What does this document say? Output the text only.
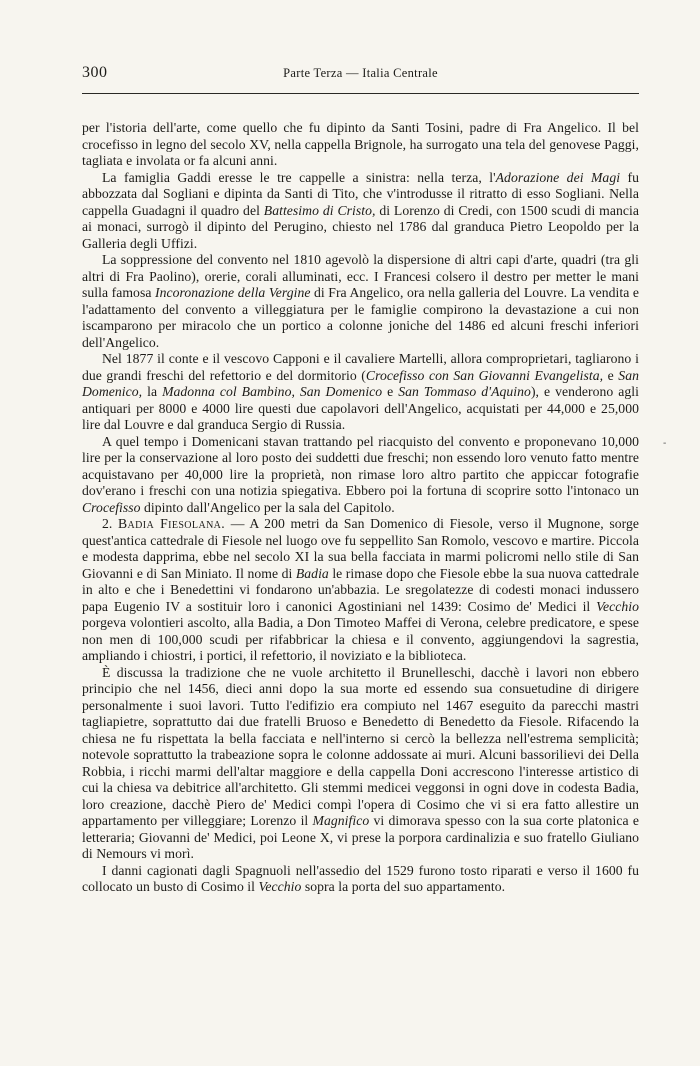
300	Parte Terza — Italia Centrale

per l'istoria dell'arte, come quello che fu dipinto da Santi Tosini, padre di Fra Angelico. Il bel crocefisso in legno del secolo XV, nella cappella Brignole, ha surrogato una tela del genovese Paggi, tagliata e involata or fa alcuni anni.

La famiglia Gaddi eresse le tre cappelle a sinistra: nella terza, l'Adorazione dei Magi fu abbozzata dal Sogliani e dipinta da Santi di Tito, che v'introdusse il ritratto di esso Sogliani. Nella cappella Guadagni il quadro del Battesimo di Cristo, di Lorenzo di Credi, con 1500 scudi di mancia ai monaci, surrogò il dipinto del Perugino, chiesto nel 1786 dal granduca Pietro Leopoldo per la Galleria degli Uffizi.

La soppressione del convento nel 1810 agevolò la dispersione di altri capi d'arte, quadri (tra gli altri di Fra Paolino), orerie, corali alluminati, ecc. I Francesi colsero il destro per metter le mani sulla famosa Incoronazione della Vergine di Fra Angelico, ora nella galleria del Louvre. La vendita e l'adattamento del convento a villeggiatura per le famiglie compirono la devastazione a cui non iscamparono per miracolo che un portico a colonne joniche del 1486 ed alcuni freschi inferiori dell'Angelico.

Nel 1877 il conte e il vescovo Capponi e il cavaliere Martelli, allora comproprietari, tagliarono i due grandi freschi del refettorio e del dormitorio (Crocefisso con San Giovanni Evangelista, e San Domenico, la Madonna col Bambino, San Domenico e San Tommaso d'Aquino), e venderono agli antiquari per 8000 e 4000 lire questi due capolavori dell'Angelico, acquistati per 44,000 e 25,000 lire dal Louvre e dal granduca Sergio di Russia.

A quel tempo i Domenicani stavan trattando pel riacquisto del convento e proponevano 10,000 lire per la conservazione al loro posto dei suddetti due freschi; non essendo loro venuto fatto mentre acquistavano per 40,000 lire la proprietà, non rimase loro altro partito che appiccar fotografie dov'erano i freschi con una notizia spiegativa. Ebbero poi la fortuna di scoprire sotto l'intonaco un Crocefisso dipinto dall'Angelico per la sala del Capitolo.

2. Badia Fiesolana. — A 200 metri da San Domenico di Fiesole, verso il Mugnone, sorge quest'antica cattedrale di Fiesole nel luogo ove fu seppellito San Romolo, vescovo e martire. Piccola e modesta dapprima, ebbe nel secolo XI la sua bella facciata in marmi policromi nello stile di San Giovanni e di San Miniato. Il nome di Badia le rimase dopo che Fiesole ebbe la sua nuova cattedrale in alto e che i Benedettini vi fondarono un'abbazia. Le sregolatezze di codesti monaci indussero papa Eugenio IV a sostituir loro i canonici Agostiniani nel 1439: Cosimo de' Medici il Vecchio porgeva volontieri ascolto, alla Badia, a Don Timoteo Maffei di Verona, celebre predicatore, e spese non men di 100,000 scudi per rifabbricar la chiesa e il convento, aggiungendovi la sagrestia, ampliando i chiostri, i portici, il refettorio, il noviziato e la biblioteca.

È discussa la tradizione che ne vuole architetto il Brunelleschi, dacchè i lavori non ebbero principio che nel 1456, dieci anni dopo la sua morte ed essendo sua consuetudine di dirigere personalmente i suoi lavori. Tutto l'edifizio era compiuto nel 1467 eseguito da parecchi mastri tagliapietre, soprattutto dai due fratelli Bruoso e Benedetto di Benedetto da Fiesole. Rifacendo la chiesa ne fu rispettata la bella facciata e nell'interno si cercò la bellezza nell'estrema semplicità; notevole soprattutto la trabeazione sopra le colonne addossate ai muri. Alcuni bassorilievi dei Della Robbia, i ricchi marmi dell'altar maggiore e della cappella Doni accrescono l'interesse artistico di cui la chiesa va debitrice all'architetto. Gli stemmi medicei veggonsi in ogni dove in codesta Badia, loro creazione, dacchè Piero de' Medici compì l'opera di Cosimo che vi si era fatto allestire un appartamento per villeggiare; Lorenzo il Magnifico vi dimorava spesso con la sua corte platonica e letteraria; Giovanni de' Medici, poi Leone X, vi prese la porpora cardinalizia e suo fratello Giuliano di Nemours vi morì.

I danni cagionati dagli Spagnuoli nell'assedio del 1529 furono tosto riparati e verso il 1600 fu collocato un busto di Cosimo il Vecchio sopra la porta del suo appartamento.

-
